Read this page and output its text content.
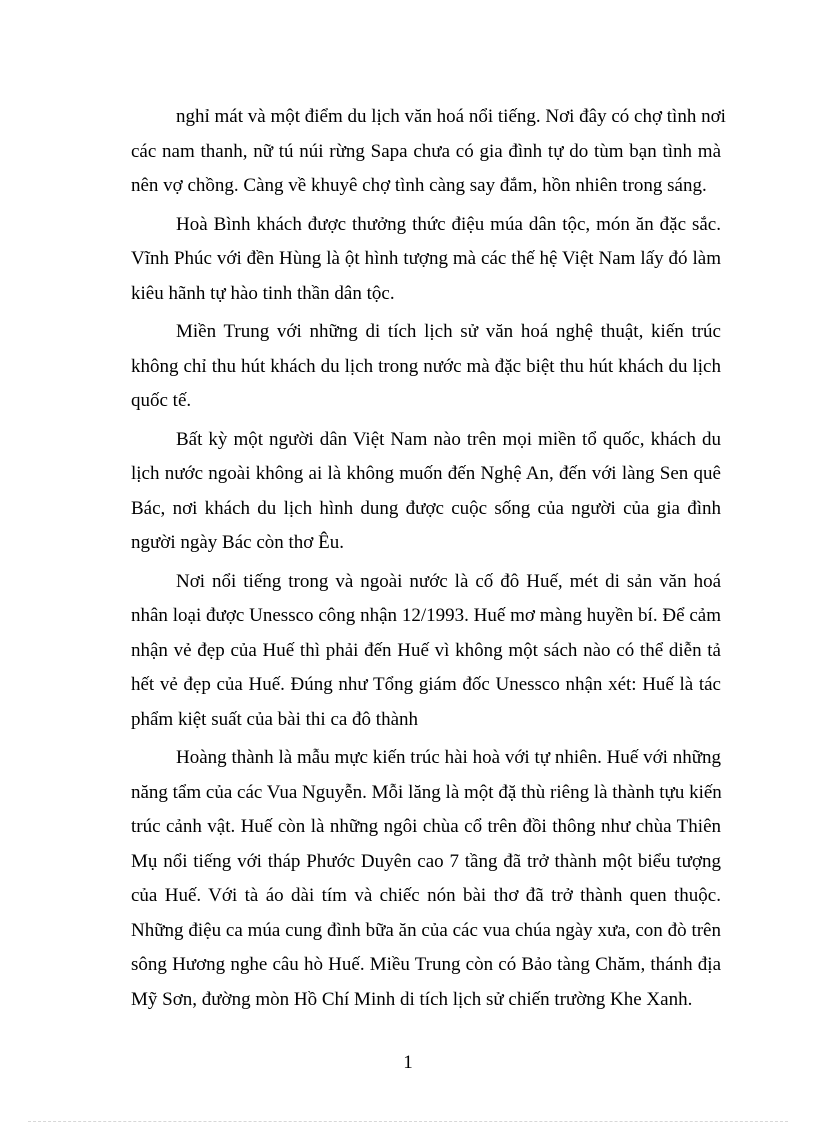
nghỉ mát và một điểm du lịch văn hoá nổi tiếng. Nơi đây có chợ tình nơi
các nam thanh, nữ tú núi rừng Sapa chưa có gia đình tự do tùm bạn tình mà
nên vợ chồng. Càng về khuyê chợ tình càng say đắm, hồn nhiên trong sáng.

Hoà Bình khách được thưởng thức điệu múa dân tộc, món ăn đặc sắc.
Vĩnh Phúc với đền Hùng là ột hình tượng mà các thế hệ Việt Nam lấy đó làm
kiêu hãnh tự hào tinh thần dân tộc.

Miền Trung với những di tích lịch sử văn hoá nghệ thuật, kiến trúc
không chỉ thu hút khách du lịch trong nước mà đặc biệt thu hút khách du lịch
quốc tế.

Bất kỳ một người dân Việt Nam nào trên mọi miền tổ quốc, khách du
lịch nước ngoài không ai là không muốn đến Nghệ An, đến với làng Sen quê
Bác, nơi khách du lịch hình dung được cuộc sống của người của gia đình
người ngày Bác còn thơ Êu.

Nơi nổi tiếng trong và ngoài nước là cố đô Huế, mét di sản văn hoá
nhân loại được Unessco công nhận 12/1993. Huế mơ màng huyền bí. Để cảm
nhận vẻ đẹp của Huế thì phải đến Huế vì không một sách nào có thể diễn tả
hết vẻ đẹp của Huế. Đúng như Tổng giám đốc Unessco nhận xét: Huế là tác
phẩm kiệt suất của bài thi ca đô thành

Hoàng thành là mẫu mực kiến trúc hài hoà với tự nhiên. Huế với những
năng tẩm của các Vua Nguyễn. Mỗi lăng là một đặ thù riêng là thành tựu kiến
trúc cảnh vật. Huế còn là những ngôi chùa cổ trên đồi thông như chùa Thiên
Mụ nổi tiếng với tháp Phước Duyên cao 7 tầng đã trở thành một biểu tượng
của Huế. Với tà áo dài tím và chiếc nón bài thơ đã trở thành quen thuộc.
Những điệu ca múa cung đình bữa ăn của các vua chúa ngày xưa, con đò trên
sông Hương nghe câu hò Huế. Miều Trung còn có Bảo tàng Chăm, thánh địa
Mỹ Sơn, đường mòn Hồ Chí Minh di tích lịch sử chiến trường Khe Xanh.

1
